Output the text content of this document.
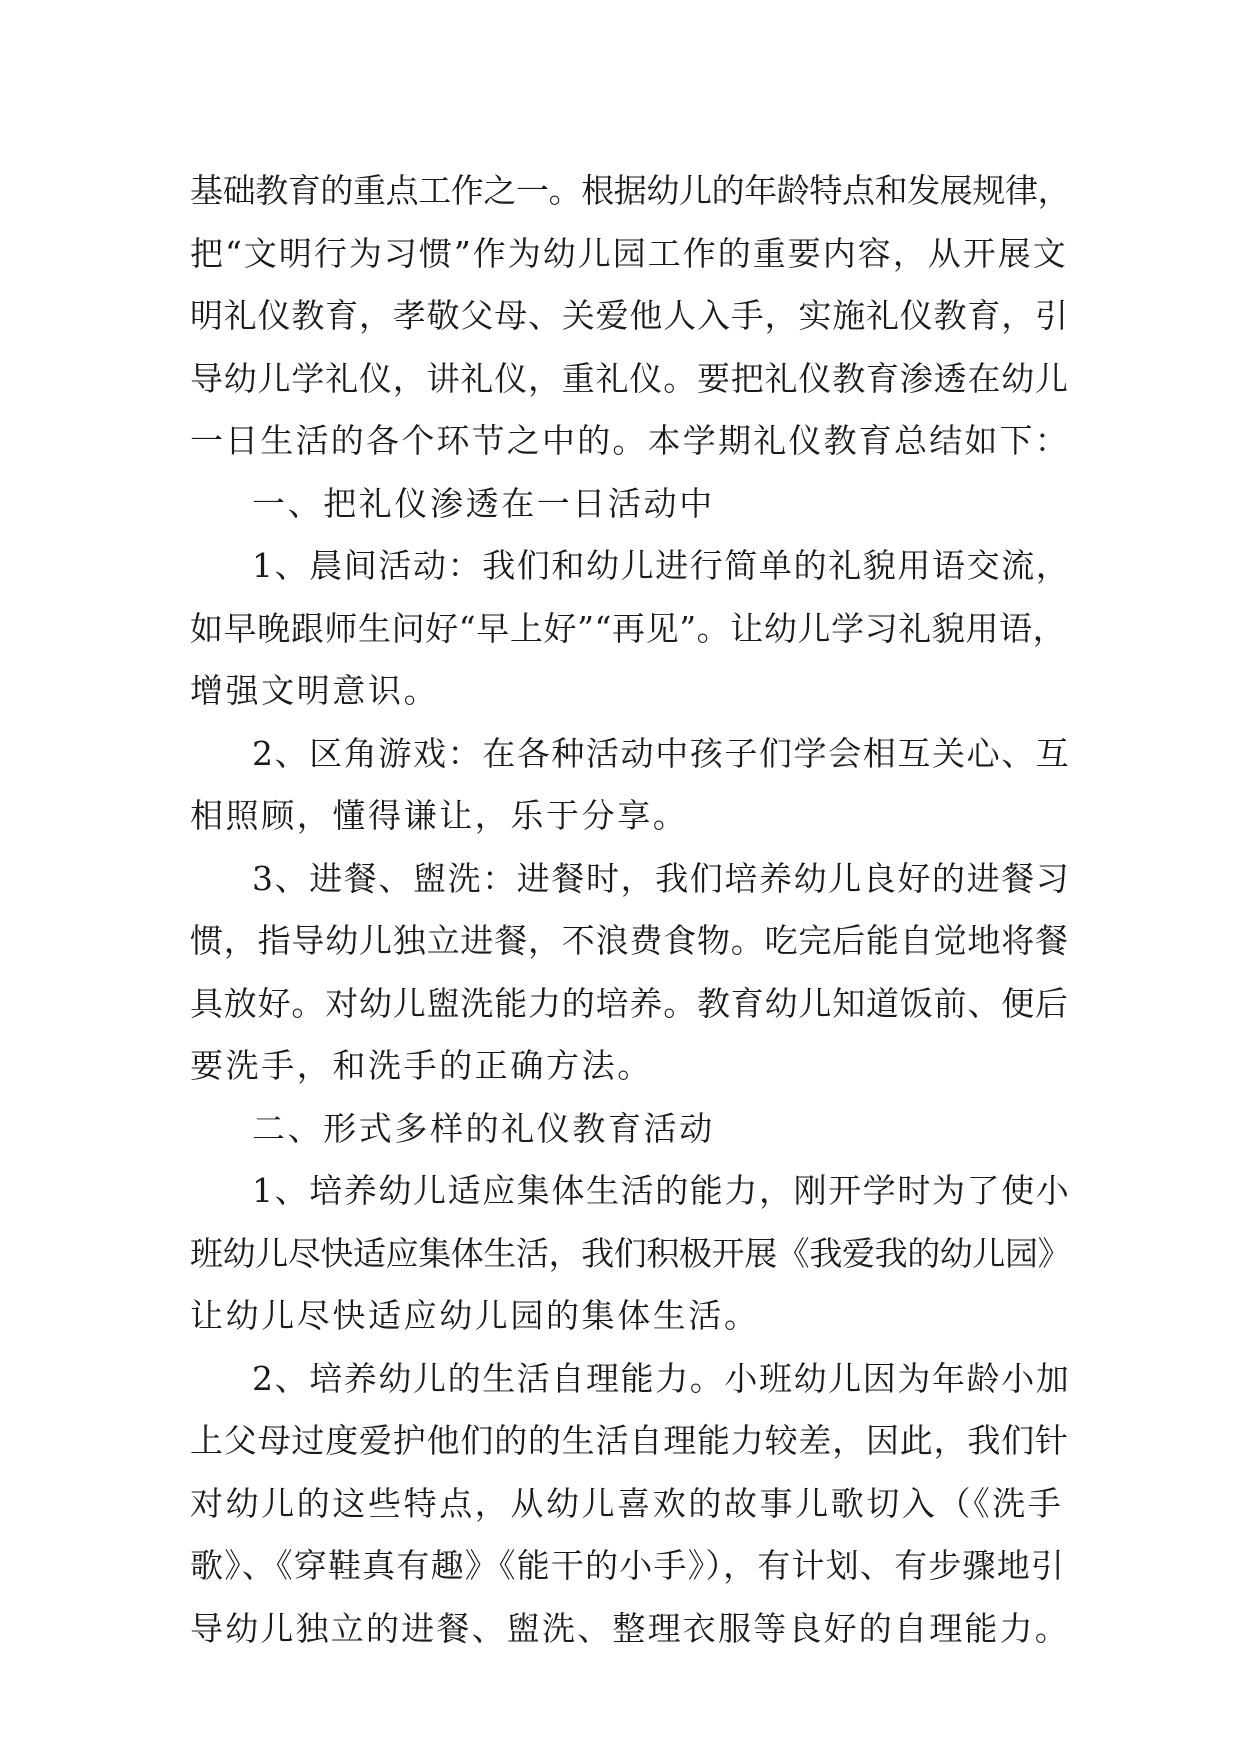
基础教育的重点工作之一。根据幼儿的年龄特点和发展规律，
把“文明行为习惯”作为幼儿园工作的重要内容，从开展文
明礼仪教育，孝敬父母、关爱他人入手，实施礼仪教育，引
导幼儿学礼仪，讲礼仪，重礼仪。要把礼仪教育渗透在幼儿
一日生活的各个环节之中的。本学期礼仪教育总结如下：
一、把礼仪渗透在一日活动中
1、晨间活动：我们和幼儿进行简单的礼貌用语交流，
如早晚跟师生问好“早上好”“再见”。让幼儿学习礼貌用语，
增强文明意识。
2、区角游戏：在各种活动中孩子们学会相互关心、互
相照顾，懂得谦让，乐于分享。
3、进餐、盥洗：进餐时，我们培养幼儿良好的进餐习
惯，指导幼儿独立进餐，不浪费食物。吃完后能自觉地将餐
具放好。对幼儿盥洗能力的培养。教育幼儿知道饭前、便后
要洗手，和洗手的正确方法。
二、形式多样的礼仪教育活动
1、培养幼儿适应集体生活的能力，刚开学时为了使小
班幼儿尽快适应集体生活，我们积极开展《我爱我的幼儿园》
让幼儿尽快适应幼儿园的集体生活。
2、培养幼儿的生活自理能力。小班幼儿因为年龄小加
上父母过度爱护他们的的生活自理能力较差，因此，我们针
对幼儿的这些特点，从幼儿喜欢的故事儿歌切入（《洗手
歌》、《穿鞋真有趣》《能干的小手》），有计划、有步骤地引
导幼儿独立的进餐、盥洗、整理衣服等良好的自理能力。
